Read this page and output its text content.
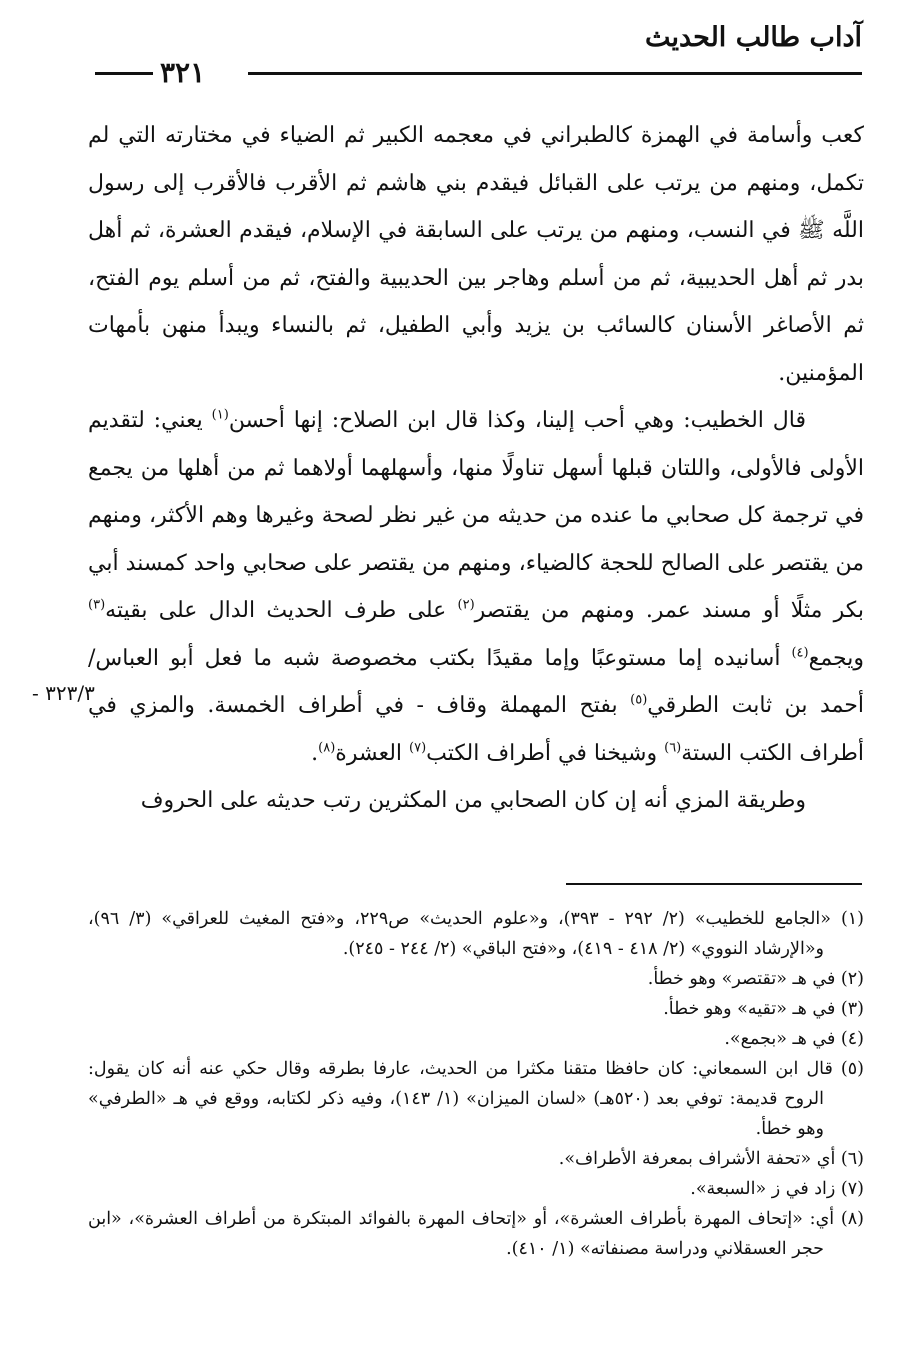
آداب طالب الحديث
٣٢١

كعب وأسامة في الهمزة كالطبراني في معجمه الكبير ثم الضياء في مختارته التي لم تكمل، ومنهم من يرتب على القبائل فيقدم بني هاشم ثم الأقرب فالأقرب إلى رسول اللَّه ﷺ في النسب، ومنهم من يرتب على السابقة في الإسلام، فيقدم العشرة، ثم أهل بدر ثم أهل الحديبية، ثم من أسلم وهاجر بين الحديبية والفتح، ثم من أسلم يوم الفتح، ثم الأصاغر الأسنان كالسائب بن يزيد وأبي الطفيل، ثم بالنساء ويبدأ منهن بأمهات المؤمنين.

قال الخطيب: وهي أحب إلينا، وكذا قال ابن الصلاح: إنها أحسن$^{(١)}$ يعني: لتقديم الأولى فالأولى، واللتان قبلها أسهل تناولًا منها، وأسهلهما أولاهما ثم من أهلها من يجمع في ترجمة كل صحابي ما عنده من حديثه من غير نظر لصحة وغيرها وهم الأكثر، ومنهم من يقتصر على الصالح للحجة كالضياء، ومنهم من يقتصر على صحابي واحد كمسند أبي بكر مثلًا أو مسند عمر. ومنهم من يقتصر$^{(٢)}$ على طرف الحديث الدال على بقيته$^{(٣)}$ ويجمع$^{(٤)}$ أسانيده إما مستوعبًا وإما مقيدًا بكتب مخصوصة شبه ما فعل أبو العباس/ أحمد بن ثابت الطرقي$^{(٥)}$ بفتح المهملة وقاف - في أطراف الخمسة. والمزي في أطراف الكتب الستة$^{(٦)}$ وشيخنا في أطراف الكتب$^{(٧)}$ العشرة$^{(٨)}$.

وطريقة المزي أنه إن كان الصحابي من المكثرين رتب حديثه على الحروف

٣٢٣/٣ -

(١) «الجامع للخطيب» (٢/ ٢٩٢ - ٣٩٣)، و«علوم الحديث» ص٢٢٩، و«فتح المغيث للعراقي» (٣/ ٩٦)، و«الإرشاد النووي» (٢/ ٤١٨ - ٤١٩)، و«فتح الباقي» (٢/ ٢٤٤ - ٢٤٥).

(٢) في هـ «تقتصر» وهو خطأ.

(٣) في هـ «تقيه» وهو خطأ.

(٤) في هـ «بجمع».

(٥) قال ابن السمعاني: كان حافظا متقنا مكثرا من الحديث، عارفا بطرقه وقال حكي عنه أنه كان يقول: الروح قديمة: توفي بعد (٥٢٠هـ) «لسان الميزان» (١/ ١٤٣)، وفيه ذكر لكتابه، ووقع في هـ «الطرفي» وهو خطأ.

(٦) أي «تحفة الأشراف بمعرفة الأطراف».

(٧) زاد في ز «السبعة».

(٨) أي: «إتحاف المهرة بأطراف العشرة»، أو «إتحاف المهرة بالفوائد المبتكرة من أطراف العشرة»، «ابن حجر العسقلاني ودراسة مصنفاته» (١/ ٤١٠).
